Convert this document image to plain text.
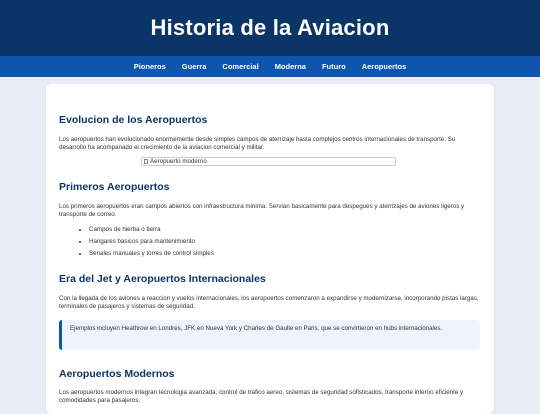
Historia de la Aviacion
Pioneros	Guerra	Comercial	Moderna	Futuro	Aeropuertos
Evolucion de los Aeropuertos

Los aeropuertos han evolucionado enormemente desde simples campos de aterrizaje hasta complejos centros internacionales de transporte. Su desarrollo ha acompanado el crecimiento de la aviacion comercial y militar.

Aeropuerto moderno
Primeros Aeropuertos

Los primeros aeropuertos eran campos abiertos con infraestructura minima. Servian basicamente para despegues y aterrizajes de aviones ligeros y transporte de correo.

• Campos de hierba o tierra
• Hangares basicos para mantenimiento
• Senales manuales y torres de control simples
Era del Jet y Aeropuertos Internacionales

Con la llegada de los aviones a reaccion y vuelos internacionales, los aeropuertos comenzaron a expandirse y modernizarse, incorporando pistas largas, terminales de pasajeros y sistemas de seguridad.

Ejemplos incluyen Heathrow en Londres, JFK en Nueva York y Charles de Gaulle en Paris, que se convirtieron en hubs internacionales.
Aeropuertos Modernos

Los aeropuertos modernos integran tecnologia avanzada, control de trafico aereo, sistemas de seguridad sofisticados, transporte interno eficiente y comodidades para pasajeros.
